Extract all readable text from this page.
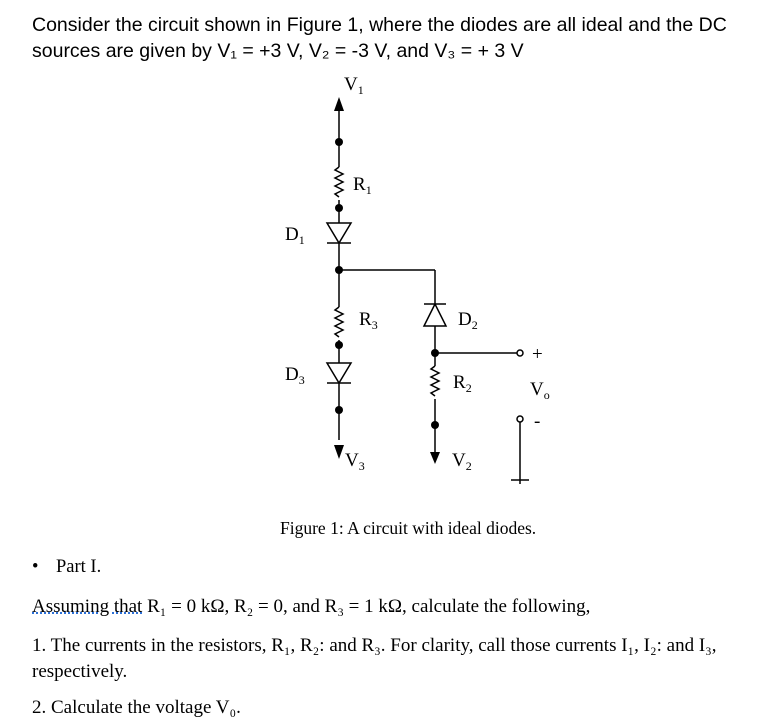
Consider the circuit shown in Figure 1, where the diodes are all ideal and the DC
sources are given by V₁ = +3 V, V₂ = -3 V, and V₃ = + 3 V
$V_1$
$R_1$
$D_1$
$R_3$	$D_2$
+
$D_3$	$R_2$	$V_o$
-
$V_3$	$V_2$
Figure 1: A circuit with ideal diodes.
• Part I.
Assuming that R₁ = 0 kΩ, R₂ = 0, and R₃ = 1 kΩ, calculate the following,
1. The currents in the resistors, R₁, R₂: and R₃. For clarity, call those currents I₁, I₂: and I₃,
respectively.
2. Calculate the voltage V₀.
